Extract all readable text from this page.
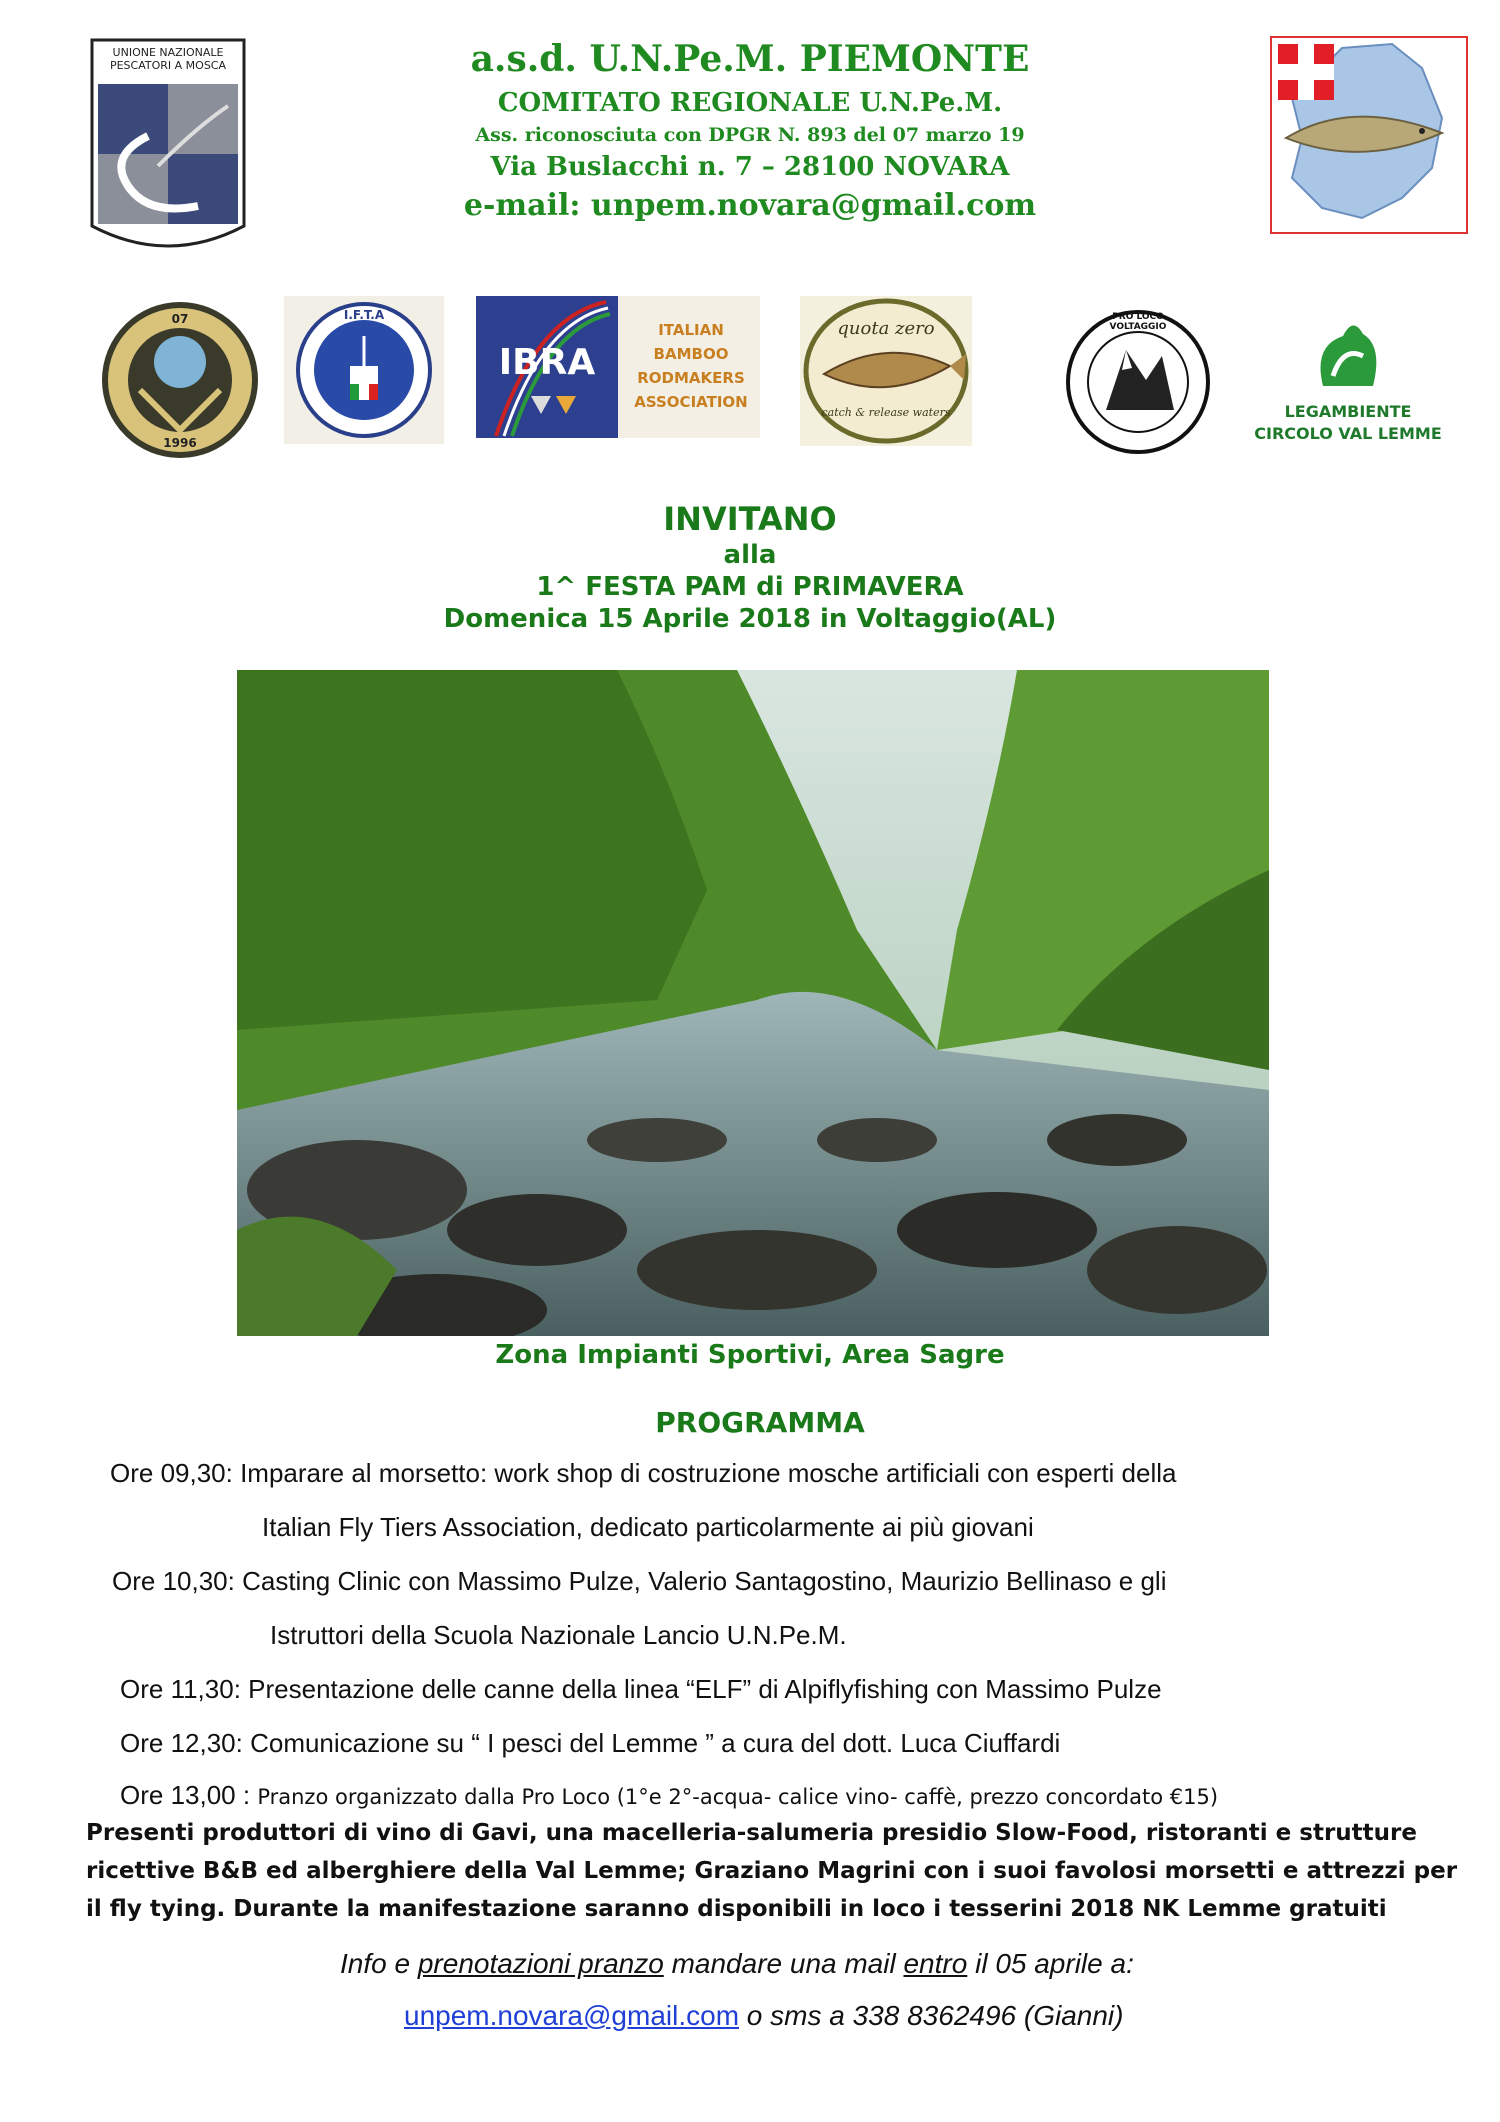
UNIONE NAZIONALE PESCATORI A MOSCA	a.s.d. U.N.Pe.M. PIEMONTE
COMITATO REGIONALE U.N.Pe.M.
Ass. riconosciuta con DPGR N. 893 del 07 marzo 19
Via Buslacchi n. 7 – 28100 NOVARA
e-mail: unpem.novara@gmail.com
07
1996
I.F.T.A
IBRA
ITALIAN
BAMBOO
RODMAKERS
ASSOCIATION
quota zero
catch & release waters
PRO LOCO VOLTAGGIO
LEGAMBIENTE
CIRCOLO VAL LEMME
INVITANO
alla
1^ FESTA PAM di PRIMAVERA
Domenica 15 Aprile 2018 in Voltaggio(AL)
Zona Impianti Sportivi, Area Sagre
PROGRAMMA
Ore 09,30: Imparare al morsetto: work shop di costruzione mosche artificiali con esperti della
Italian Fly Tiers Association, dedicato particolarmente ai più giovani
Ore 10,30: Casting Clinic con Massimo Pulze, Valerio Santagostino, Maurizio Bellinaso e gli
Istruttori della Scuola Nazionale Lancio U.N.Pe.M.
Ore 11,30: Presentazione delle canne della linea “ELF” di Alpiflyfishing con Massimo Pulze
Ore 12,30: Comunicazione su “ I pesci del Lemme ” a cura del dott. Luca Ciuffardi
Ore 13,00 : Pranzo organizzato dalla Pro Loco (1°e 2°-acqua- calice vino- caffè, prezzo concordato €15)
Presenti produttori di vino di Gavi, una macelleria-salumeria presidio Slow-Food, ristoranti e strutture
ricettive B&B ed alberghiere della Val Lemme; Graziano Magrini con i suoi favolosi morsetti e attrezzi per
il fly tying. Durante la manifestazione saranno disponibili in loco i tesserini 2018 NK Lemme gratuiti
Info e prenotazioni pranzo mandare una mail entro il 05 aprile a:
unpem.novara@gmail.com o sms a 338 8362496 (Gianni)
